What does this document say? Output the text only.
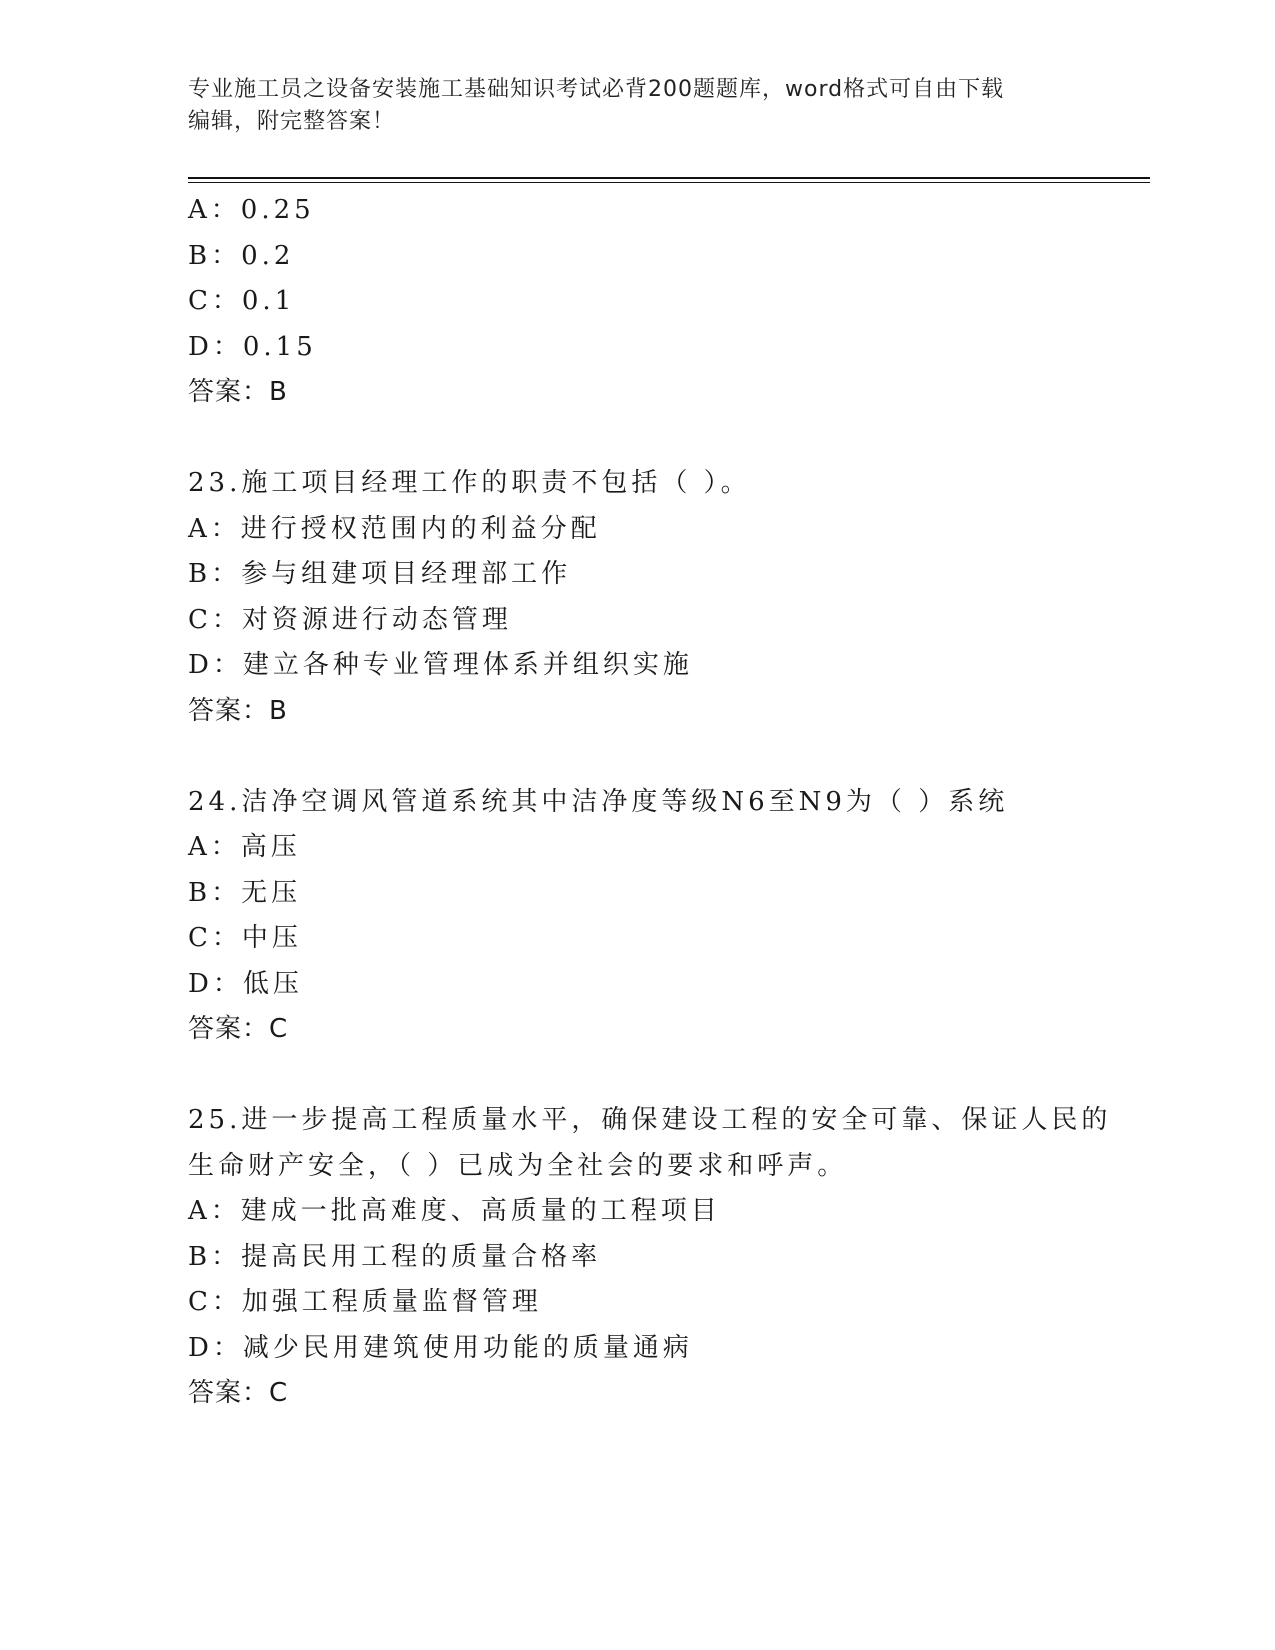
专业施工员之设备安装施工基础知识考试必背200题题库，word格式可自由下载
编辑，附完整答案！
A：0.25
B：0.2
C：0.1
D：0.15
答案：B
23.施工项目经理工作的职责不包括（ ）。
A：进行授权范围内的利益分配
B：参与组建项目经理部工作
C：对资源进行动态管理
D：建立各种专业管理体系并组织实施
答案：B
24.洁净空调风管道系统其中洁净度等级N6至N9为（ ）系统
A：高压
B：无压
C：中压
D：低压
答案：C
25.进一步提高工程质量水平，确保建设工程的安全可靠、保证人民的
生命财产安全，（ ）已成为全社会的要求和呼声。
A：建成一批高难度、高质量的工程项目
B：提高民用工程的质量合格率
C：加强工程质量监督管理
D：减少民用建筑使用功能的质量通病
答案：C
